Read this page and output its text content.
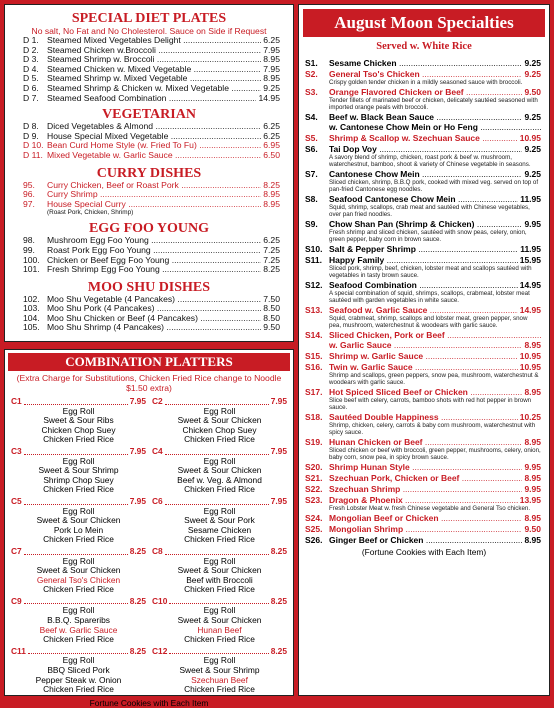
SPECIAL DIET PLATES
No salt, No Fat and No Cholesterol. Sauce on Side if Request
D 1. Steamed Mixed Vegetables Delight .....	6.25
D 2. Steamed Chicken w.Broccoli .....	7.95
D 3. Steamed Shrimp w. Broccoli .....	8.95
D 4. Steamed Chicken w. Mixed Vegetable .....	7.95
D 5. Steamed Shrimp w. Mixed Vegetable .....	8.95
D 6. Steamed Shrimp & Chicken w. Mixed Vegetable .....	9.25
D 7. Steamed Seafood Combination .....	14.95
VEGETARIAN
D 8. Diced Vegetables & Almond .....	6.25
D 9. House Special Mixed Vegetable .....	6.25
D 10. Bean Curd Home Style (w. Fried To Fu) .....	6.95
D 11. Mixed Vegetable w. Garlic Sauce .....	6.50
CURRY DISHES
95.	Curry Chicken, Beef or Roast Pork .....	8.25
96.	Curry Shrimp .....	8.95
97.	House Special Curry .....	8.95
(Roast Pork, Chicken, Shrimp)
EGG FOO YOUNG
98.	Mushroom Egg Foo Young .....	6.25
99.	Roast Pork Egg Foo Young .....	7.25
100. Chicken or Beef Egg Foo Young .....	7.25
101. Fresh Shrimp Egg Foo Young .....	8.25
MOO SHU DISHES
102. Moo Shu Vegetable (4 Pancakes) .....	7.50
103. Moo Shu Pork (4 Pancakes) .....	8.50
104. Moo Shu Chicken or Beef (4 Pancakes) .....	8.50
105. Moo Shu Shrimp (4 Pancakes) .....	9.50
COMBINATION PLATTERS
(Extra Charge for Substitutions, Chicken Fried Rice change to Noodle $1.50 extra)
C1	7.95
Egg Roll
Sweet & Sour Ribs
Chicken Chop Suey
Chicken Fried Rice
C2	7.95
Egg Roll
Sweet & Sour Chicken
Chicken Chop Suey
Chicken Fried Rice
C3	7.95
Egg Roll
Sweet & Sour Shrimp
Shrimp Chop Suey
Chicken Fried Rice
C4	7.95
Egg Roll
Sweet & Sour Chicken
Beef w. Veg. & Almond
Chicken Fried Rice
C5	7.95
Egg Roll
Sweet & Sour Chicken
Pork Lo Mein
Chicken Fried Rice
C6	7.95
Egg Roll
Sweet & Sour Pork
Sesame Chicken
Chicken Fried Rice
C7	8.25
Egg Roll
Sweet & Sour Chicken
General Tso's Chicken
Chicken Fried Rice
C8	8.25
Egg Roll
Sweet & Sour Chicken
Beef with Broccoli
Chicken Fried Rice
C9	8.25
Egg Roll
B.B.Q. Spareribs
Beef w. Garlic Sauce
Chicken Fried Rice
C10	8.25
Egg Roll
Sweet & Sour Chicken
Hunan Beef
Chicken Fried Rice
C11	8.25
Egg Roll
BBQ Sliced Pork
Pepper Steak w. Onion
Chicken Fried Rice
C12	8.25
Egg Roll
Sweet & Sour Shrimp
Szechuan Beef
Chicken Fried Rice
Fortune Cookies with Each Item
August Moon Specialties
Served w. White Rice
S1.	Sesame Chicken .....	9.25
S2.	General Tso's Chicken .....	9.25
Crispy golden tender chicken in a mildly seasoned sauce with broccoli.
S3.	Orange Flavored Chicken or Beef .....	9.50
Tender fillets of marinated beef or chicken, delicately sautéed seasoned with imported orange peals with broccoli.
S4.	Beef w. Black Bean Sauce .....	9.25
w. Cantonese Chow Mein or Ho Feng .....
S5.	Shrimp & Scallop w. Szechuan Sauce .....	10.95
S6.	Tai Dop Voy .....	9.25
A savory blend of shrimp, chicken, roast pork & beef w. mushroom, waterchestnut, bamboo, shoot & variety of Chinese vegetable in seasons.
S7.	Cantonese Chow Mein .....	9.25
Sliced chicken, shrimp, B.B.Q pork, cooked with mixed veg. served on top of pan-fried Cantonese egg noodles.
S8.	Seafood Cantonese Chow Mein .....	11.95
Squid, shrimp, scallops, crab meat and sautéed with Chinese vegetables, over pan fried noodles.
S9.	Chow Shan Pan (Shrimp & Chicken) .....	9.95
Fresh shrimp and sliced chicken, sautéed with snow peas, celery, onion, green pepper, baby corn in brown sauce.
S10. Salt & Pepper Shrimp .....	11.95
S11. Happy Family .....	15.95
Sliced pork, shrimp, beef, chicken, lobster meat and scallops sautéed with vegetables in tasty brown sauce.
S12. Seafood Combination .....	14.95
A special combination of squid, shrimps, scallops, crabmeat, lobster meat sautéed with garden vegetables in white sauce.
S13. Seafood w. Garlic Sauce .....	14.95
Squid, crabmeat, shrimp, scallops and lobster meat, green pepper, snow pea, mushroom, waterchestnut & woodears with garlic sauce.
S14. Sliced Chicken, Pork or Beef .....
w. Garlic Sauce .....	8.95
S15. Shrimp w. Garlic Sauce .....	10.95
S16. Twin w. Garlic Sauce .....	10.95
Shrimp and scallops, green peppers, snow pea, mushroom, waterchestnut & woodears with garlic sauce.
S17. Hot Spiced Sliced Beef or Chicken .....	8.95
Slice beef with celery, carrots, bamboo shots with red hot pepper in brown sauce.
S18. Sautéed Double Happiness .....	10.25
Shrimp, chicken, celery, carrots & baby corn mushroom, waterchestnut with spicy sauce.
S19. Hunan Chicken or Beef .....	8.95
Sliced chicken or beef with broccoli, green pepper, mushrooms, celery, onion, baby corn, snow pea, in spicy brown sauce.
S20. Shrimp Hunan Style .....	9.95
S21. Szechuan Pork, Chicken or Beef .....	8.95
S22. Szechuan Shrimp .....	9.95
S23. Dragon & Phoenix .....	13.95
Fresh Lobster Meat w. fresh Chinese vegetable and General Tso chicken.
S24. Mongolian Beef or Chicken .....	8.95
S25. Mongolian Shrimp .....	9.50
S26. Ginger Beef or Chicken .....	8.95
(Fortune Cookies with Each Item)
